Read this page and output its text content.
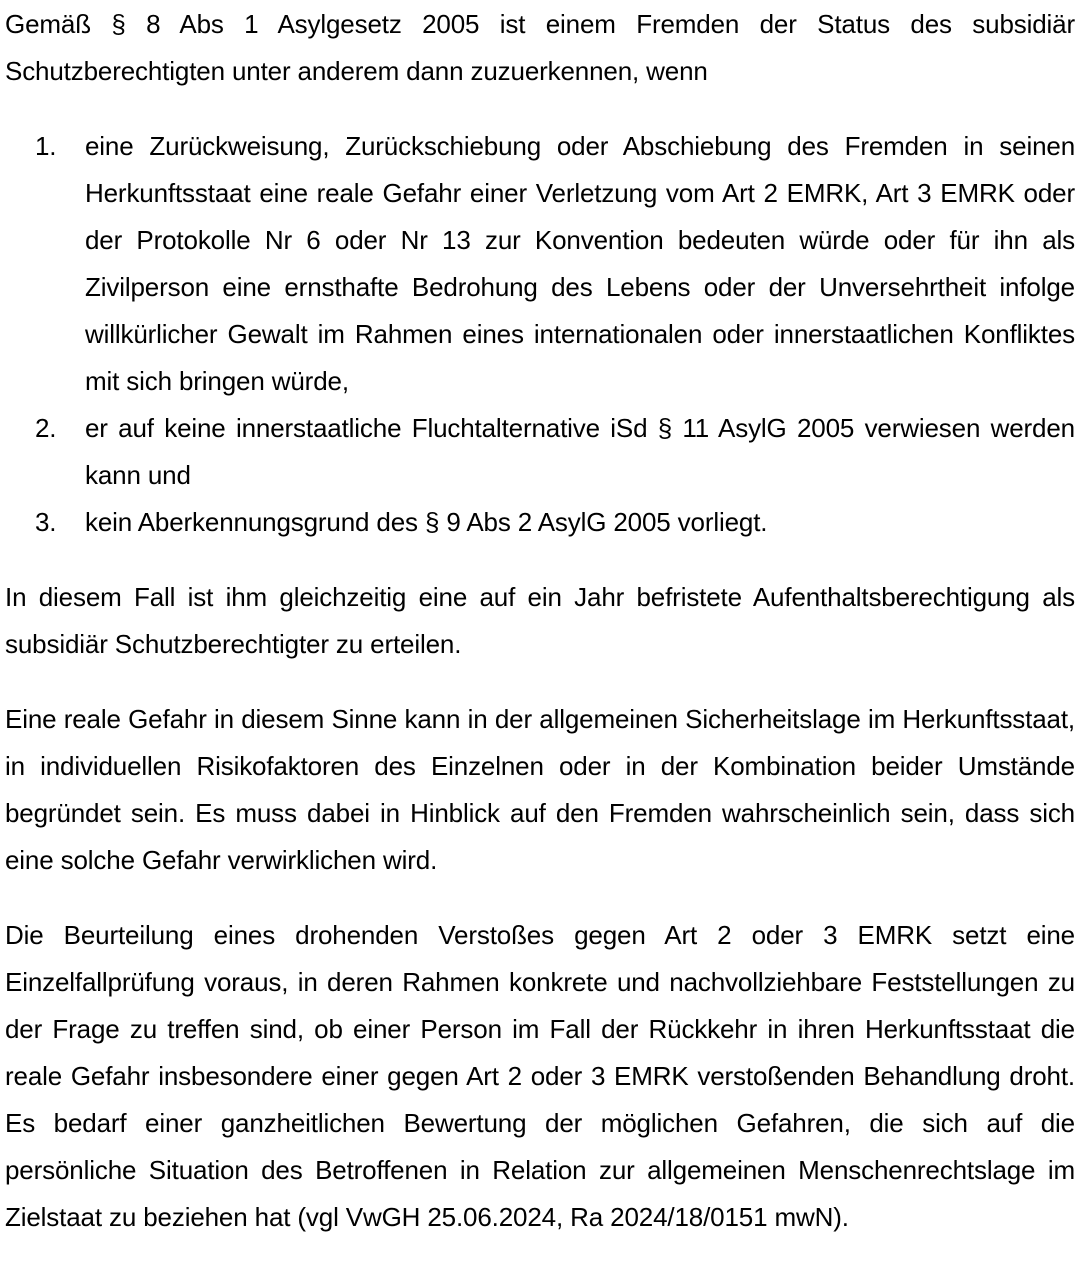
Gemäß § 8 Abs 1 Asylgesetz 2005 ist einem Fremden der Status des subsidiär Schutzberechtigten unter anderem dann zuzuerkennen, wenn

1.	eine Zurückweisung, Zurückschiebung oder Abschiebung des Fremden in seinen Herkunftsstaat eine reale Gefahr einer Verletzung vom Art 2 EMRK, Art 3 EMRK oder der Protokolle Nr 6 oder Nr 13 zur Konvention bedeuten würde oder für ihn als Zivilperson eine ernsthafte Bedrohung des Lebens oder der Unversehrtheit infolge willkürlicher Gewalt im Rahmen eines internationalen oder innerstaatlichen Konfliktes mit sich bringen würde,
2.	er auf keine innerstaatliche Fluchtalternative iSd § 11 AsylG 2005 verwiesen werden kann und
3.	kein Aberkennungsgrund des § 9 Abs 2 AsylG 2005 vorliegt.

In diesem Fall ist ihm gleichzeitig eine auf ein Jahr befristete Aufenthaltsberechtigung als subsidiär Schutzberechtigter zu erteilen.

Eine reale Gefahr in diesem Sinne kann in der allgemeinen Sicherheitslage im Herkunftsstaat, in individuellen Risikofaktoren des Einzelnen oder in der Kombination beider Umstände begründet sein. Es muss dabei in Hinblick auf den Fremden wahrscheinlich sein, dass sich eine solche Gefahr verwirklichen wird.

Die Beurteilung eines drohenden Verstoßes gegen Art 2 oder 3 EMRK setzt eine Einzelfallprüfung voraus, in deren Rahmen konkrete und nachvollziehbare Feststellungen zu der Frage zu treffen sind, ob einer Person im Fall der Rückkehr in ihren Herkunftsstaat die reale Gefahr insbesondere einer gegen Art 2 oder 3 EMRK verstoßenden Behandlung droht. Es bedarf einer ganzheitlichen Bewertung der möglichen Gefahren, die sich auf die persönliche Situation des Betroffenen in Relation zur allgemeinen Menschenrechtslage im Zielstaat zu beziehen hat (vgl VwGH 25.06.2024, Ra 2024/18/0151 mwN).
